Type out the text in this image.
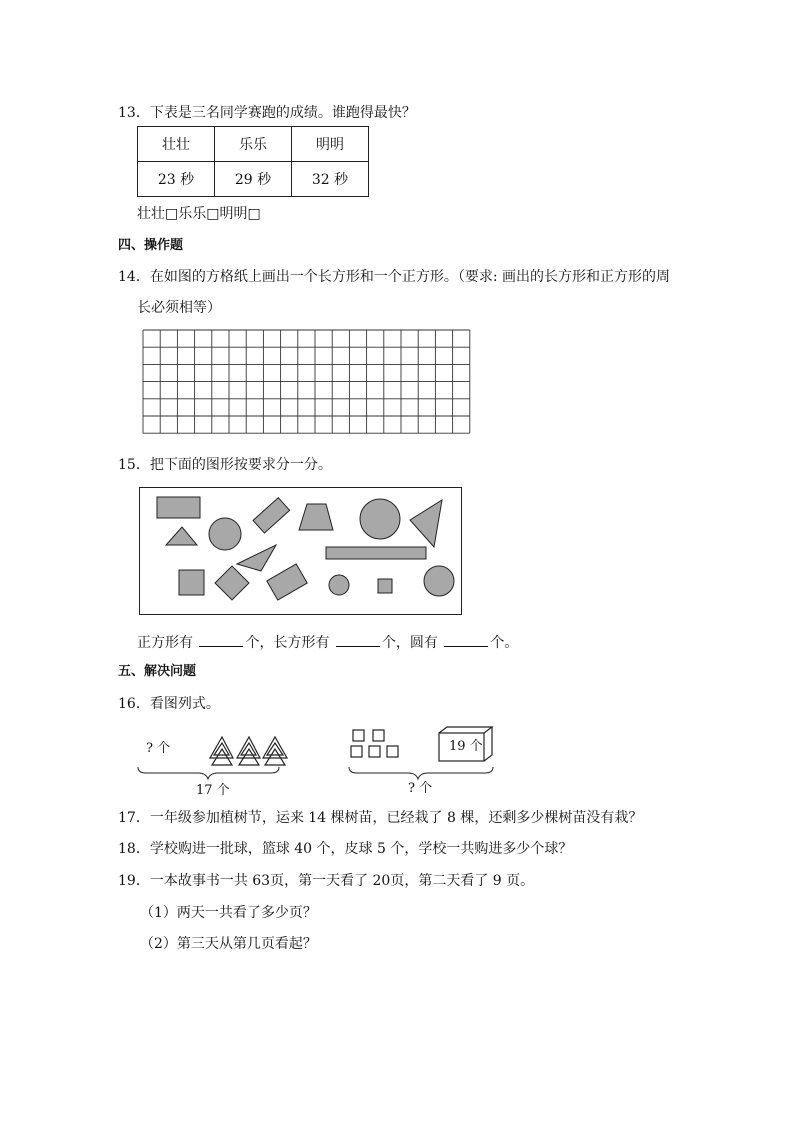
13．下表是三名同学赛跑的成绩。谁跑得最快？
壮壮	乐乐	明明
23 秒	29 秒	32 秒
壮壮□乐乐□明明□
四、操作题
14．在如图的方格纸上画出一个长方形和一个正方形。（要求: 画出的长方形和正方形的周
长必须相等）
15．把下面的图形按要求分一分。
正方形有	个，长方形有	个，圆有	个。
五、解决问题
16．看图列式。
? 个
17 个
19 个
? 个
17．一年级参加植树节，运来 14 棵树苗，已经栽了 8 棵，还剩多少棵树苗没有栽？
18．学校购进一批球，篮球 40 个，皮球 5 个，学校一共购进多少个球？
19．一本故事书一共 63页，第一天看了 20页，第二天看了 9 页。
（1）两天一共看了多少页？
（2）第三天从第几页看起？
